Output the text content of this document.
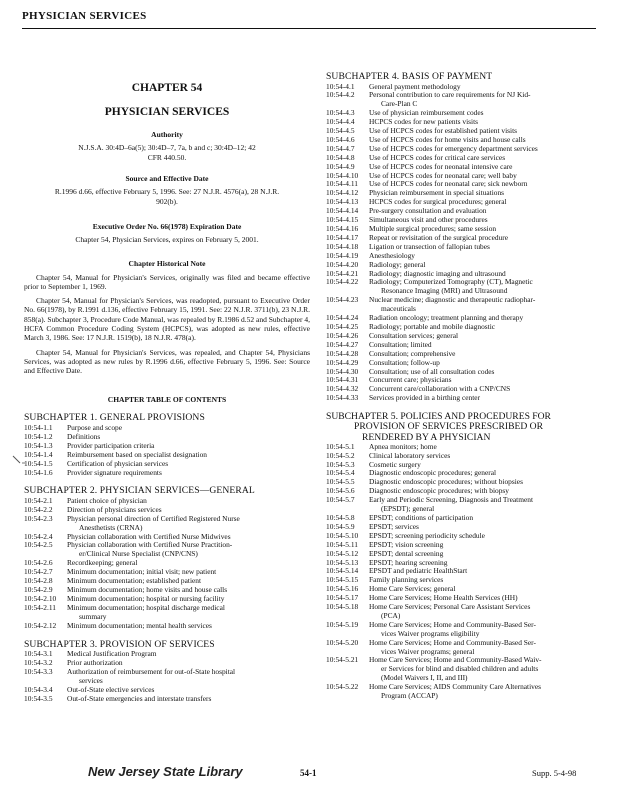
PHYSICIAN SERVICES
CHAPTER 54
PHYSICIAN SERVICES
Authority
N.J.S.A. 30:4D–6a(5); 30:4D–7, 7a, b and c; 30:4D–12; 42 CFR 440.50.
Source and Effective Date
R.1996 d.66, effective February 5, 1996. See: 27 N.J.R. 4576(a), 28 N.J.R. 902(b).
Executive Order No. 66(1978) Expiration Date
Chapter 54, Physician Services, expires on February 5, 2001.
Chapter Historical Note
Chapter 54, Manual for Physician's Services, originally was filed and became effective prior to September 1, 1969.
Chapter 54, Manual for Physician's Services, was readopted, pursuant to Executive Order No. 66(1978), by R.1991 d.136, effective February 15, 1991. See: 22 N.J.R. 3711(b), 23 N.J.R. 858(a). Subchapter 3, Procedure Code Manual, was repealed by R.1986 d.52 and Subchapter 4, HCFA Common Procedure Coding System (HCPCS), was adopted as new rules, effective March 3, 1986. See: 17 N.J.R. 1519(b), 18 N.J.R. 478(a).
Chapter 54, Manual for Physician's Services, was repealed, and Chapter 54, Physicians Services, was adopted as new rules by R.1996 d.66, effective February 5, 1996. See: Source and Effective Date.
CHAPTER TABLE OF CONTENTS
SUBCHAPTER 1. GENERAL PROVISIONS
10:54-1.1	Purpose and scope
10:54-1.2	Definitions
10:54-1.3	Provider participation criteria
10:54-1.4	Reimbursement based on specialist designation
10:54-1.5	Certification of physician services
10:54-1.6	Provider signature requirements
SUBCHAPTER 2. PHYSICIAN SERVICES—GENERAL
10:54-2.1	Patient choice of physician
10:54-2.2	Direction of physicians services
10:54-2.3	Physician personal direction of Certified Registered Nurse
Anesthetists (CRNA)
10:54-2.4	Physician collaboration with Certified Nurse Midwives
10:54-2.5	Physician collaboration with Certified Nurse Practition-
er/Clinical Nurse Specialist (CNP/CNS)
10:54-2.6	Recordkeeping; general
10:54-2.7	Minimum documentation; initial visit; new patient
10:54-2.8	Minimum documentation; established patient
10:54-2.9	Minimum documentation; home visits and house calls
10:54-2.10	Minimum documentation; hospital or nursing facility
10:54-2.11	Minimum documentation; hospital discharge medical
summary
10:54-2.12	Minimum documentation; mental health services
SUBCHAPTER 3. PROVISION OF SERVICES
10:54-3.1	Medical Justification Program
10:54-3.2	Prior authorization
10:54-3.3	Authorization of reimbursement for out-of-State hospital
services
10:54-3.4	Out-of-State elective services
10:54-3.5	Out-of-State emergencies and interstate transfers
SUBCHAPTER 4. BASIS OF PAYMENT
10:54-4.1	General payment methodology
10:54-4.2	Personal contribution to care requirements for NJ Kid-
Care-Plan C
10:54-4.3	Use of physician reimbursement codes
10:54-4.4	HCPCS codes for new patients visits
10:54-4.5	Use of HCPCS codes for established patient visits
10:54-4.6	Use of HCPCS codes for home visits and house calls
10:54-4.7	Use of HCPCS codes for emergency department services
10:54-4.8	Use of HCPCS codes for critical care services
10:54-4.9	Use of HCPCS codes for neonatal intensive care
10:54-4.10	Use of HCPCS codes for neonatal care; well baby
10:54-4.11	Use of HCPCS codes for neonatal care; sick newborn
10:54-4.12	Physician reimbursement in special situations
10:54-4.13	HCPCS codes for surgical procedures; general
10:54-4.14	Pre-surgery consultation and evaluation
10:54-4.15	Simultaneous visit and other procedures
10:54-4.16	Multiple surgical procedures; same session
10:54-4.17	Repeat or revisitation of the surgical procedure
10:54-4.18	Ligation or transection of fallopian tubes
10:54-4.19	Anesthesiology
10:54-4.20	Radiology; general
10:54-4.21	Radiology; diagnostic imaging and ultrasound
10:54-4.22	Radiology; Computerized Tomography (CT), Magnetic
Resonance Imaging (MRI) and Ultrasound
10:54-4.23	Nuclear medicine; diagnostic and therapeutic radiophar-
maceuticals
10:54-4.24	Radiation oncology; treatment planning and therapy
10:54-4.25	Radiology; portable and mobile diagnostic
10:54-4.26	Consultation services; general
10:54-4.27	Consultation; limited
10:54-4.28	Consultation; comprehensive
10:54-4.29	Consultation; follow-up
10:54-4.30	Consultation; use of all consultation codes
10:54-4.31	Concurrent care; physicians
10:54-4.32	Concurrent care/collaboration with a CNP/CNS
10:54-4.33	Services provided in a birthing center
SUBCHAPTER 5. POLICIES AND PROCEDURES FOR
PROVISION OF SERVICES PRESCRIBED OR
RENDERED BY A PHYSICIAN
10:54-5.1	Apnea monitors; home
10:54-5.2	Clinical laboratory services
10:54-5.3	Cosmetic surgery
10:54-5.4	Diagnostic endoscopic procedures; general
10:54-5.5	Diagnostic endoscopic procedures; without biopsies
10:54-5.6	Diagnostic endoscopic procedures; with biopsy
10:54-5.7	Early and Periodic Screening, Diagnosis and Treatment
(EPSDT); general
10:54-5.8	EPSDT; conditions of participation
10:54-5.9	EPSDT; services
10:54-5.10	EPSDT; screening periodicity schedule
10:54-5.11	EPSDT; vision screening
10:54-5.12	EPSDT; dental screening
10:54-5.13	EPSDT; hearing screening
10:54-5.14	EPSDT and pediatric HealthStart
10:54-5.15	Family planning services
10:54-5.16	Home Care Services; general
10:54-5.17	Home Care Services; Home Health Services (HH)
10:54-5.18	Home Care Services; Personal Care Assistant Services
(PCA)
10:54-5.19	Home Care Services; Home and Community-Based Ser-
vices Waiver programs eligibility
10:54-5.20	Home Care Services; Home and Community-Based Ser-
vices Waiver programs; general
10:54-5.21	Home Care Services; Home and Community-Based Waiv-
er Services for blind and disabled children and adults
(Model Waivers I, II, and III)
10:54-5.22	Home Care Services; AIDS Community Care Alternatives
Program (ACCAP)
New Jersey State Library	54-1	Supp. 5-4-98
